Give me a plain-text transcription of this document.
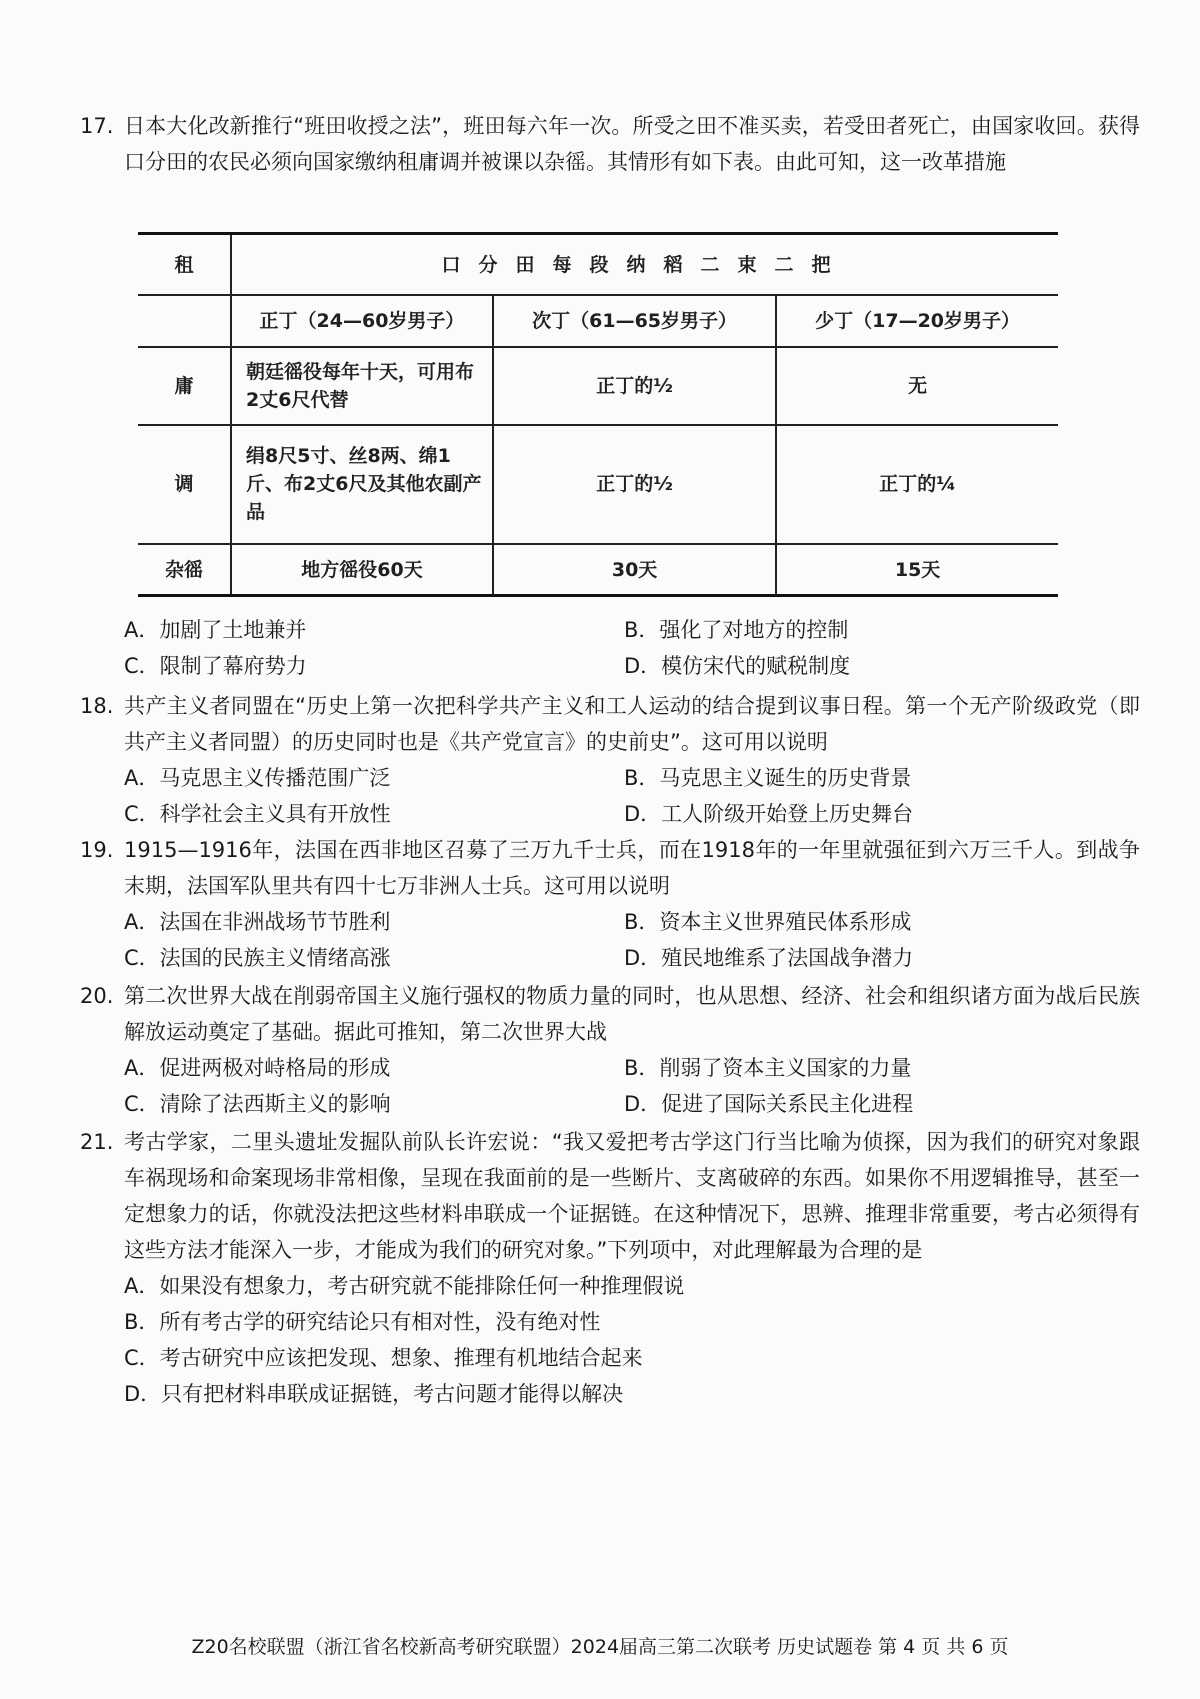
17. 日本大化改新推行“班田收授之法”，班田每六年一次。所受之田不准买卖，若受田者死亡，由国家收回。获得口分田的农民必须向国家缴纳租庸调并被课以杂徭。其情形有如下表。由此可知，这一改革措施
租	口分田每段纳稻二束二把		
	正丁（24—60岁男子）	次丁（61—65岁男子）	少丁（17—20岁男子）
庸	朝廷徭役每年十天，可用布2丈6尺代替	正丁的½	无
调	绢8尺5寸、丝8两、绵1斤、布2丈6尺及其他农副产品	正丁的½	正丁的¼
杂徭	地方徭役60天	30天	15天
A．加剧了土地兼并	B．强化了对地方的控制
C．限制了幕府势力	D．模仿宋代的赋税制度
18. 共产主义者同盟在“历史上第一次把科学共产主义和工人运动的结合提到议事日程。第一个无产阶级政党（即共产主义者同盟）的历史同时也是《共产党宣言》的史前史”。这可用以说明
A．马克思主义传播范围广泛	B．马克思主义诞生的历史背景
C．科学社会主义具有开放性	D．工人阶级开始登上历史舞台
19. 1915—1916年，法国在西非地区召募了三万九千士兵，而在1918年的一年里就强征到六万三千人。到战争末期，法国军队里共有四十七万非洲人士兵。这可用以说明
A．法国在非洲战场节节胜利	B．资本主义世界殖民体系形成
C．法国的民族主义情绪高涨	D．殖民地维系了法国战争潜力
20. 第二次世界大战在削弱帝国主义施行强权的物质力量的同时，也从思想、经济、社会和组织诸方面为战后民族解放运动奠定了基础。据此可推知，第二次世界大战
A．促进两极对峙格局的形成	B．削弱了资本主义国家的力量
C．清除了法西斯主义的影响	D．促进了国际关系民主化进程
21. 考古学家，二里头遗址发掘队前队长许宏说：“我又爱把考古学这门行当比喻为侦探，因为我们的研究对象跟车祸现场和命案现场非常相像，呈现在我面前的是一些断片、支离破碎的东西。如果你不用逻辑推导，甚至一定想象力的话，你就没法把这些材料串联成一个证据链。在这种情况下，思辨、推理非常重要，考古必须得有这些方法才能深入一步，才能成为我们的研究对象。”下列项中，对此理解最为合理的是
A．如果没有想象力，考古研究就不能排除任何一种推理假说
B．所有考古学的研究结论只有相对性，没有绝对性
C．考古研究中应该把发现、想象、推理有机地结合起来
D．只有把材料串联成证据链，考古问题才能得以解决
Z20名校联盟（浙江省名校新高考研究联盟）2024届高三第二次联考 历史试题卷 第 4 页 共 6 页
